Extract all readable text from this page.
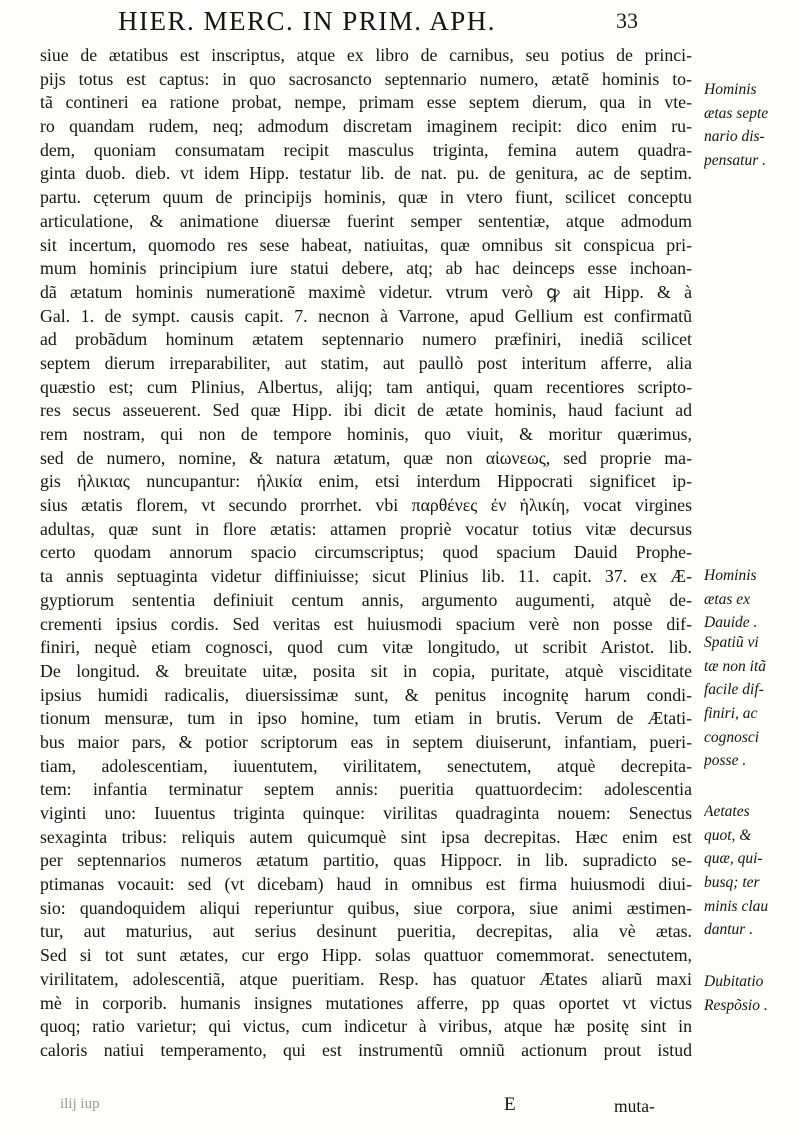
HIER. MERC. IN PRIM. APH.	33
siue de ætatibus est inscriptus, atque ex libro de carnibus, seu potius de princi-
pijs totus est captus: in quo sacrosancto septennario numero, ætatẽ hominis to-
tã contineri ea ratione probat, nempe, primam esse septem dierum, qua in vte-
ro quandam rudem, neq; admodum discretam imaginem recipit: dico enim ru-
dem, quoniam consumatam recipit masculus triginta, femina autem quadra-
ginta duob. dieb. vt idem Hipp. testatur lib. de nat. pu. de genitura, ac de septim.
partu. cęterum quum de principijs hominis, quæ in vtero fiunt, scilicet conceptu
articulatione, & animatione diuersæ fuerint semper sententiæ, atque admodum
sit incertum, quomodo res sese habeat, natiuitas, quæ omnibus sit conspicua pri-
mum hominis principium iure statui debere, atq; ab hac deinceps esse inchoan-
dã ætatum hominis numerationẽ maximè videtur. vtrum verò ꝙ ait Hipp. & à
Gal. 1. de sympt. causis capit. 7. necnon à Varrone, apud Gellium est confirmatũ
ad probãdum hominum ætatem septennario numero præfiniri, inediã scilicet
septem dierum irreparabiliter, aut statim, aut paullò post interitum afferre, alia
quæstio est; cum Plinius, Albertus, alijq; tam antiqui, quam recentiores scripto-
res secus asseuerent. Sed quæ Hipp. ibi dicit de ætate hominis, haud faciunt ad
rem nostram, qui non de tempore hominis, quo viuit, & moritur quærimus,
sed de numero, nomine, & natura ætatum, quæ non αἰωνεως, sed proprie ma-
gis ἡλικιας nuncupantur: ἡλικία enim, etsi interdum Hippocrati significet ip-
sius ætatis florem, vt secundo prorrhet. vbi παρθένες ἐν ἡλικίη, vocat virgines
adultas, quæ sunt in flore ætatis: attamen propriè vocatur totius vitæ decursus
certo quodam annorum spacio circumscriptus; quod spacium Dauid Prophe-
ta annis septuaginta videtur diffiniuisse; sicut Plinius lib. 11. capit. 37. ex Æ-
gyptiorum sententia definiuit centum annis, argumento augumenti, atquè de-
crementi ipsius cordis. Sed veritas est huiusmodi spacium verè non posse dif-
finiri, nequè etiam cognosci, quod cum vitæ longitudo, ut scribit Aristot. lib.
De longitud. & breuitate uitæ, posita sit in copia, puritate, atquè visciditate
ipsius humidi radicalis, diuersissimæ sunt, & penitus incognitę harum condi-
tionum mensuræ, tum in ipso homine, tum etiam in brutis. Verum de Ætati-
bus maior pars, & potior scriptorum eas in septem diuiserunt, infantiam, pueri-
tiam, adolescentiam, iuuentutem, virilitatem, senectutem, atquè decrepita-
tem: infantia terminatur septem annis: pueritia quattuordecim: adolescentia
viginti uno: Iuuentus triginta quinque: virilitas quadraginta nouem: Senectus
sexaginta tribus: reliquis autem quicumquè sint ipsa decrepitas. Hæc enim est
per septennarios numeros ætatum partitio, quas Hippocr. in lib. supradicto se-
ptimanas vocauit: sed (vt dicebam) haud in omnibus est firma huiusmodi diui-
sio: quandoquidem aliqui reperiuntur quibus, siue corpora, siue animi æstimen-
tur, aut maturius, aut serius desinunt pueritia, decrepitas, alia vè ætas.
Sed si tot sunt ætates, cur ergo Hipp. solas quattuor comemmorat. senectutem,
virilitatem, adolescentiã, atque pueritiam. Resp. has quatuor Ætates aliarũ maxi
mè in corporib. humanis insignes mutationes afferre, pp quas oportet vt victus
quoq; ratio varietur; qui victus, cum indicetur à viribus, atque hæ positę sint in
caloris natiui temperamento, qui est instrumentũ omniũ actionum prout istud
Hominis
ætas septe
nario dis-
pensatur .
Hominis
ætas ex
Dauide .
Spatiũ vi
tæ non itã
facile dif-
finiri, ac
cognosci
posse .
Aetates
quot, &
quæ, qui-
busq; ter
minis clau
dantur .
Dubitatio
Respõsio .
ilij iup	E	muta-
